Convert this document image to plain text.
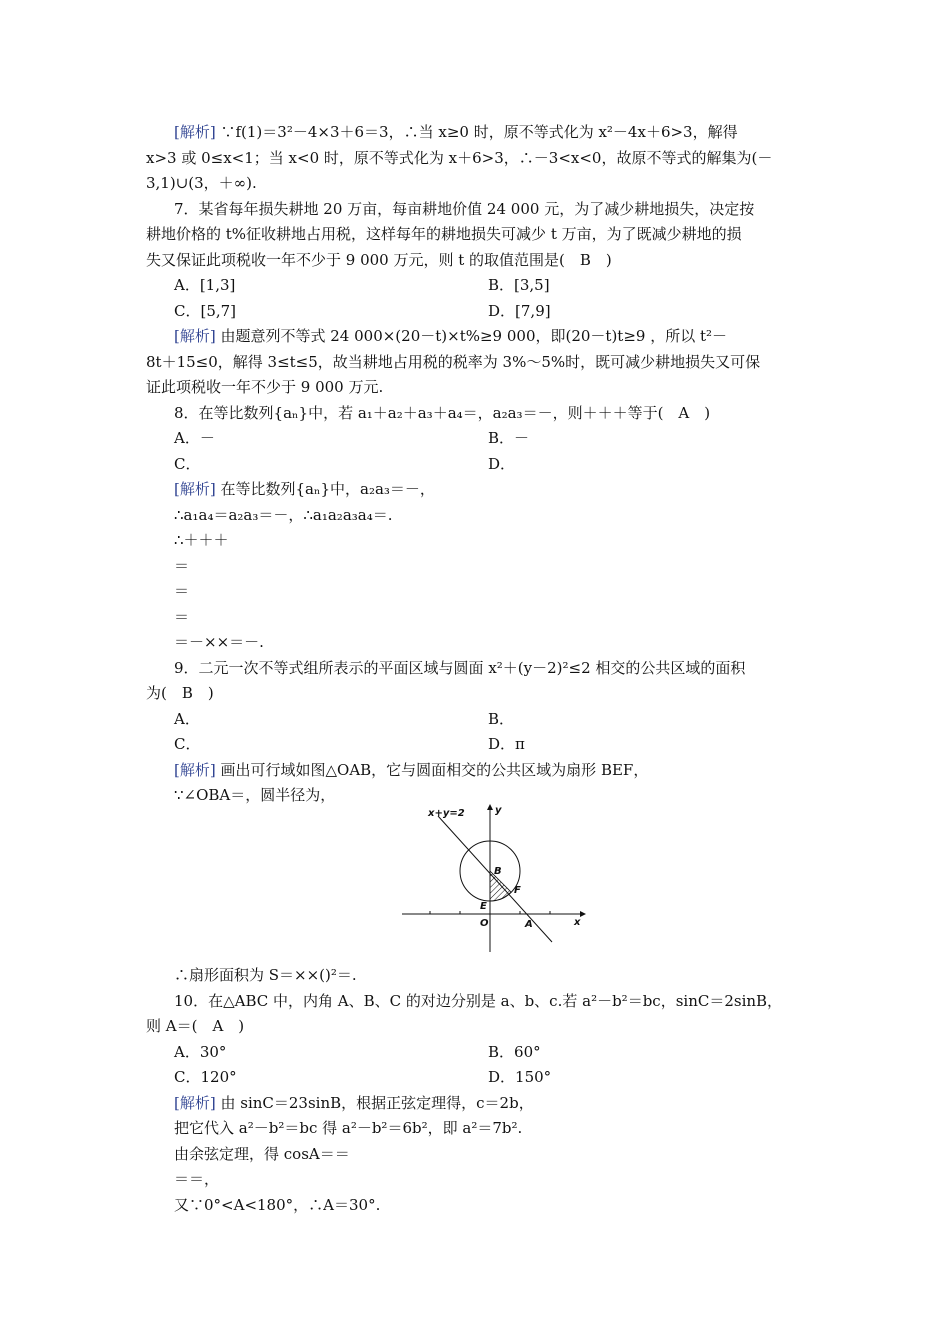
[解析] ∵f(1)＝3²－4×3＋6＝3，∴当 x≥0 时，原不等式化为 x²－4x＋6>3，解得
x>3 或 0≤x<1；当 x<0 时，原不等式化为 x＋6>3，∴－3<x<0，故原不等式的解集为(－
3,1)∪(3，＋∞).
7．某省每年损失耕地 20 万亩，每亩耕地价值 24 000 元，为了减少耕地损失，决定按
耕地价格的 t%征收耕地占用税，这样每年的耕地损失可减少 t 万亩，为了既减少耕地的损
失又保证此项税收一年不少于 9 000 万元，则 t 的取值范围是(　B　)
A．[1,3]	B．[3,5]
C．[5,7]	D．[7,9]
[解析] 由题意列不等式 24 000×(20－t)×t%≥9 000，即(20－t)t≥9 ，所以 t²－
8t＋15≤0，解得 3≤t≤5，故当耕地占用税的税率为 3%～5%时，既可减少耕地损失又可保
证此项税收一年不少于 9 000 万元.
8．在等比数列{aₙ}中，若 a₁＋a₂＋a₃＋a₄＝，a₂a₃＝－，则＋＋＋等于(　A　)
A．－	B．－
C．	D．
[解析] 在等比数列{aₙ}中，a₂a₃＝－，
∴a₁a₄＝a₂a₃＝－，∴a₁a₂a₃a₄＝.
∴＋＋＋
＝
＝
＝
＝－××＝－.
9．二元一次不等式组所表示的平面区域与圆面 x²＋(y－2)²≤2 相交的公共区域的面积
为(　B　)
A．	B．
C．	D．π
[解析] 画出可行域如图△OAB，它与圆面相交的公共区域为扇形 BEF，
∵∠OBA＝，圆半径为，
x+y=2	y
x
B
F
E
O	A
∴扇形面积为 S＝××()²＝.
10．在△ABC 中，内角 A、B、C 的对边分别是 a、b、c.若 a²－b²＝bc，sinC＝2sinB，
则 A＝(　A　)
A．30°	B．60°
C．120°	D．150°
[解析] 由 sinC＝23sinB，根据正弦定理得，c＝2b，
把它代入 a²－b²＝bc 得 a²－b²＝6b²，即 a²＝7b².
由余弦定理，得 cosA＝＝
＝＝，
又∵0°<A<180°，∴A＝30°.
